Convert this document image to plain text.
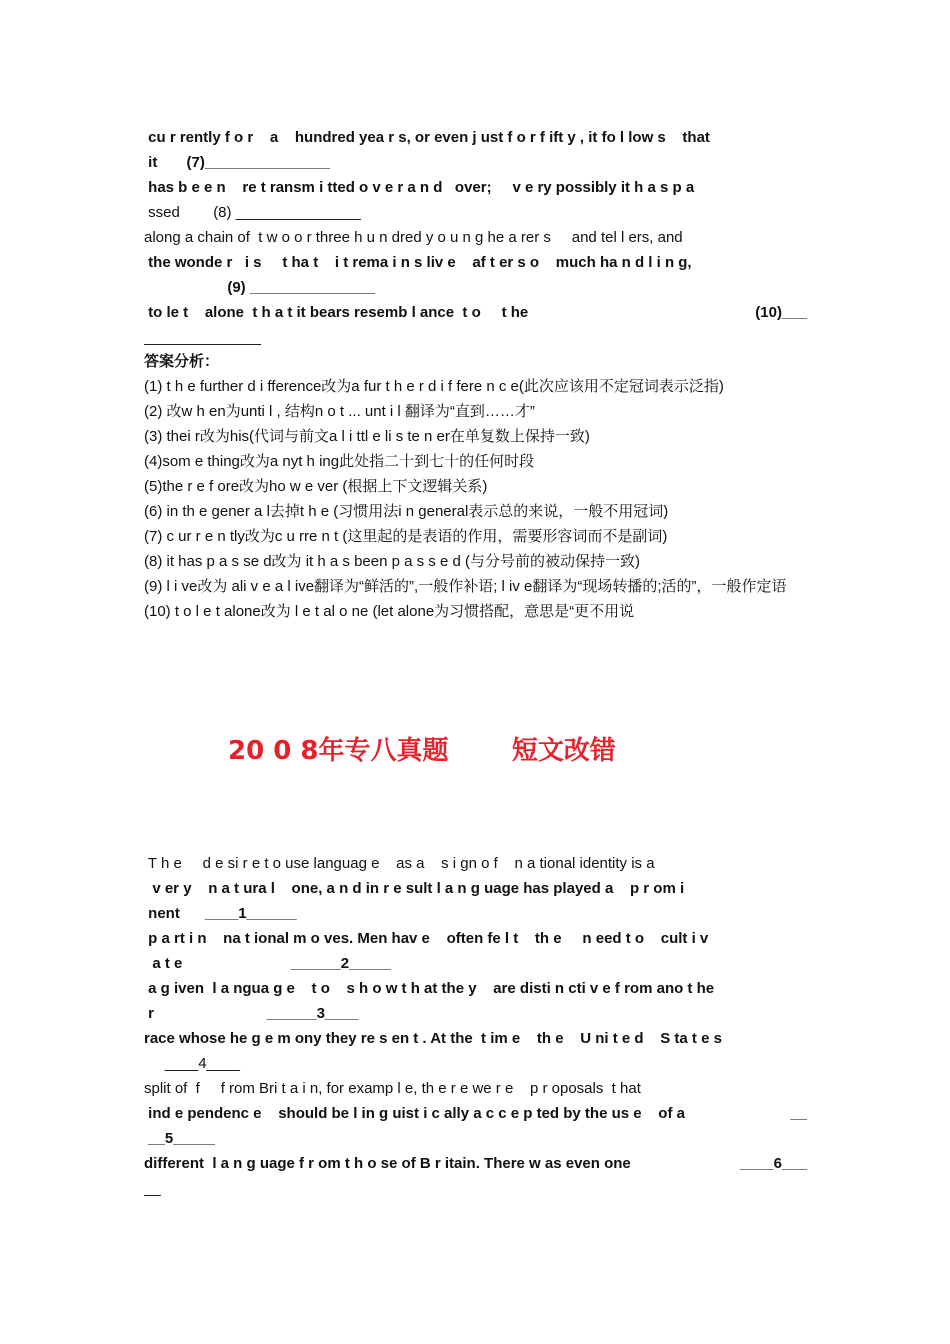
cu r rently f o r    a    hundred yea r s, or even j ust f o r f ift y , it fo l low s    that
it       (7)_______________
has b e e n    re t ransm i tted o v e r a n d   over;     v e ry possibly it h a s p a
ssed        (8) _______________
along a chain of  t w o o r three h u n dred y o u n g he a rer s     and tel l ers, and
the wonde r   i s     t ha t    i t rema i n s liv e    af t er s o    much ha n d l i n g,
(9) _______________
to le t    alone  t h a t it bears resemb l ance  t o     t he	(10)___
______________
答案分析：
(1) t h e further d i fference改为a fur t h e r d i f fere n c e(此次应该用不定冠词表示泛指)
(2) 改w h en为unti l , 结构n o t ... unt i l 翻译为“直到……才”
(3) thei r改为his(代词与前文a l i ttl e li s te n er在单复数上保持一致)
(4)som e thing改为a nyt h ing此处指二十到七十的任何时段
(5)the r e f ore改为ho w e ver (根据上下文逻辑关系)
(6) in th e gener a l去掉t h e (习惯用法i n general表示总的来说，一般不用冠词)
(7) c ur r e n tly改为c u rre n t (这里起的是表语的作用，需要形容词而不是副词)
(8) it has p a s se d改为 it h a s been p a s s e d (与分号前的被动保持一致)
(9) l i ve改为 ali v e a l ive翻译为“鲜活的”,一般作补语; l iv e翻译为“现场转播的;活的”，一般作定语
(10) t o l e t alone改为 l e t al o ne (let alone为习惯搭配，意思是“更不用说
20 0 8年专八真题       短文改错
T h e     d e si r e t o use languag e    as a    s i gn o f    n a tional identity is a
v er y    n a t ura l    one, a n d in r e sult l a n g uage has played a    p r om i
nent      ____1______
p a rt i n    na t ional m o ves. Men hav e    often fe l t    th e     n eed t o    cult i v
a t e                          ______2_____
a g iven  l a ngua g e    t o    s h o w t h at the y    are disti n cti v e f rom ano t he
r                           ______3____
race whose he g e m ony they re s en t . At the  t im e    th e    U ni t e d    S ta t e s
____4____
split of  f     f rom Bri t a i n, for examp l e, th e r e we r e    p r oposals  t hat
ind e pendenc e    should be l in g uist i c ally a c c e p ted by the us e    of a	__
__5_____
different  l a n g uage f r om t h o se of B r itain. There w as even one	____6___
__
